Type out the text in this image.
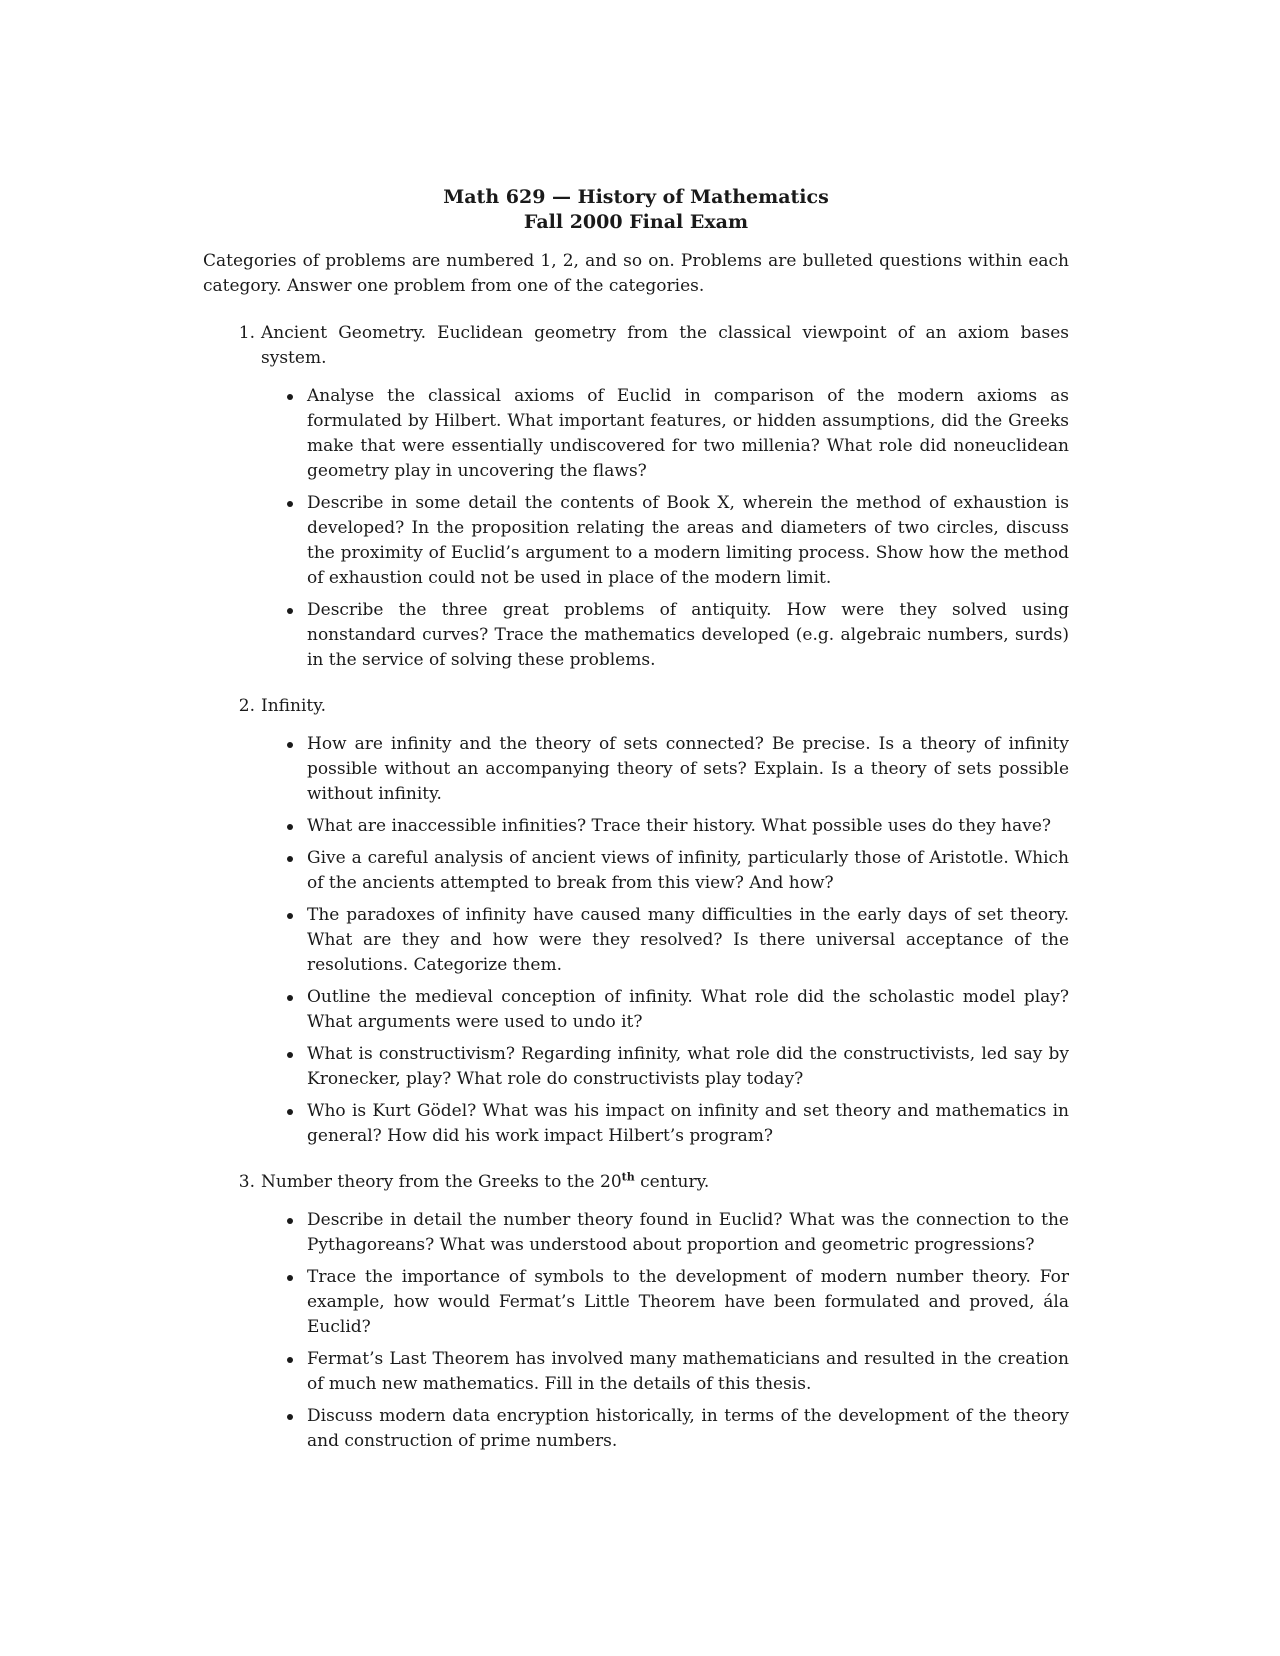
Math 629 — History of Mathematics
Fall 2000 Final Exam

Categories of problems are numbered 1, 2, and so on. Problems are bulleted questions within each category. Answer one problem from one of the categories.

1. Ancient Geometry. Euclidean geometry from the classical viewpoint of an axiom bases system.
Analyse the classical axioms of Euclid in comparison of the modern axioms as formulated by Hilbert. What important features, or hidden assumptions, did the Greeks make that were essentially undiscovered for two millenia? What role did noneuclidean geometry play in uncovering the flaws?
Describe in some detail the contents of Book X, wherein the method of exhaustion is developed? In the proposition relating the areas and diameters of two circles, discuss the proximity of Euclid’s argument to a modern limiting process. Show how the method of exhaustion could not be used in place of the modern limit.
Describe the three great problems of antiquity. How were they solved using nonstandard curves? Trace the mathematics developed (e.g. algebraic numbers, surds) in the service of solving these problems.
2. Infinity.
How are infinity and the theory of sets connected? Be precise. Is a theory of infinity possible without an accompanying theory of sets? Explain. Is a theory of sets possible without infinity.
What are inaccessible infinities? Trace their history. What possible uses do they have?
Give a careful analysis of ancient views of infinity, particularly those of Aristotle. Which of the ancients attempted to break from this view? And how?
The paradoxes of infinity have caused many difficulties in the early days of set theory. What are they and how were they resolved? Is there universal acceptance of the resolutions. Categorize them.
Outline the medieval conception of infinity. What role did the scholastic model play? What arguments were used to undo it?
What is constructivism? Regarding infinity, what role did the constructivists, led say by Kronecker, play? What role do constructivists play today?
Who is Kurt Gödel? What was his impact on infinity and set theory and mathematics in general? How did his work impact Hilbert’s program?
3. Number theory from the Greeks to the 20th century.
Describe in detail the number theory found in Euclid? What was the connection to the Pythagoreans? What was understood about proportion and geometric progressions?
Trace the importance of symbols to the development of modern number theory. For example, how would Fermat’s Little Theorem have been formulated and proved, ála Euclid?
Fermat’s Last Theorem has involved many mathematicians and resulted in the creation of much new mathematics. Fill in the details of this thesis.
Discuss modern data encryption historically, in terms of the development of the theory and construction of prime numbers.
